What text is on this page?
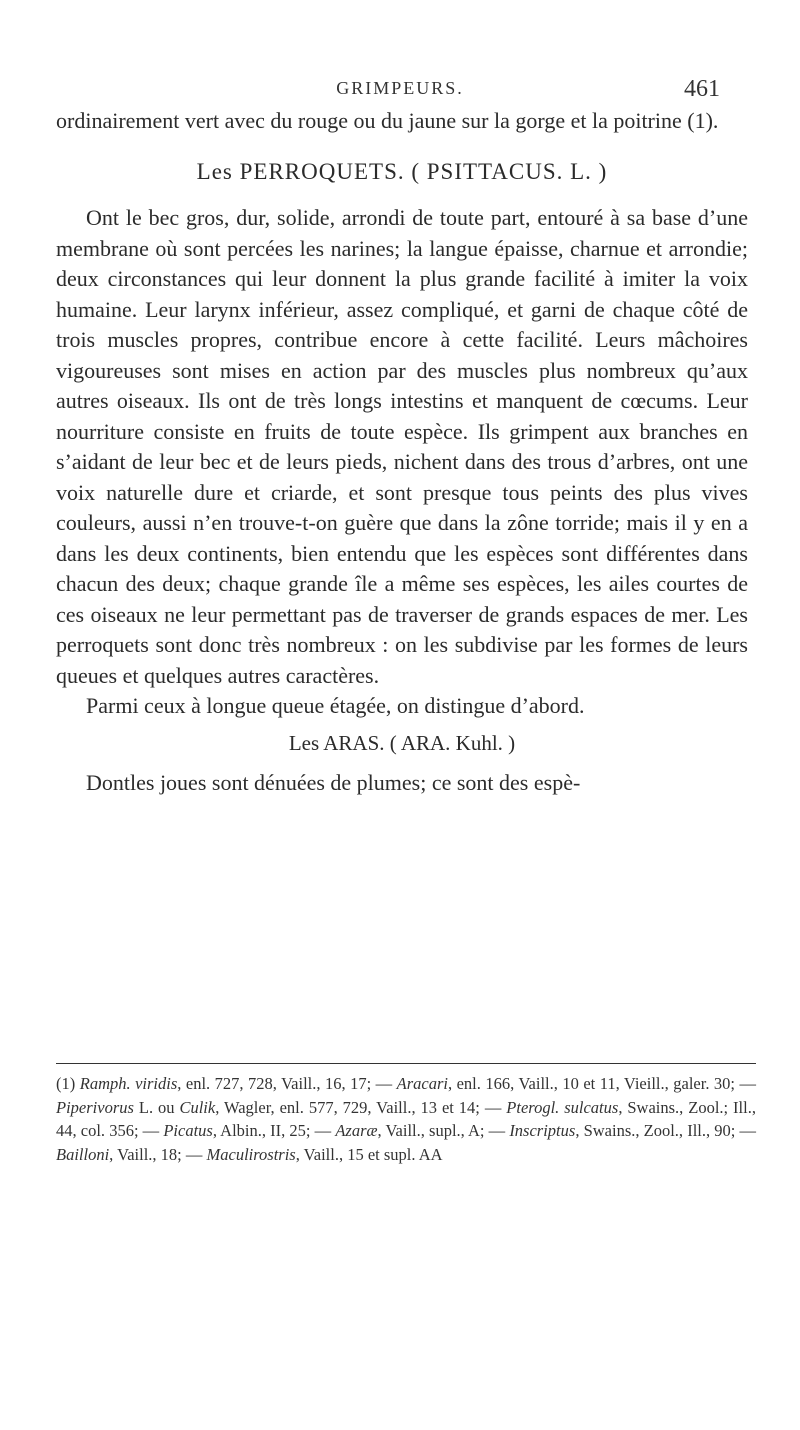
GRIMPEURS.	461

ordinairement vert avec du rouge ou du jaune sur la gorge et la poitrine (1).

Les PERROQUETS. ( PSITTACUS. L. )

Ont le bec gros, dur, solide, arrondi de toute part, entouré à sa base d’une membrane où sont percées les narines; la langue épaisse, charnue et arrondie; deux circonstances qui leur donnent la plus grande facilité à imiter la voix humaine. Leur larynx inférieur, assez compliqué, et garni de chaque côté de trois muscles propres, contribue encore à cette facilité. Leurs mâchoires vigoureuses sont mises en action par des muscles plus nombreux qu’aux autres oiseaux. Ils ont de très longs intestins et manquent de cœcums. Leur nourriture consiste en fruits de toute espèce. Ils grimpent aux branches en s’aidant de leur bec et de leurs pieds, nichent dans des trous d’arbres, ont une voix naturelle dure et criarde, et sont presque tous peints des plus vives couleurs, aussi n’en trouve-t-on guère que dans la zône torride; mais il y en a dans les deux continents, bien entendu que les espèces sont différentes dans chacun des deux; chaque grande île a même ses espèces, les ailes courtes de ces oiseaux ne leur permettant pas de traverser de grands espaces de mer. Les perroquets sont donc très nombreux : on les subdivise par les formes de leurs queues et quelques autres caractères.

Parmi ceux à longue queue étagée, on distingue d’abord.

Les ARAS. ( ARA. Kuhl. )

Dontles joues sont dénuées de plumes; ce sont des espè-

(1) Ramph. viridis, enl. 727, 728, Vaill., 16, 17; — Aracari, enl. 166, Vaill., 10 et 11, Vieill., galer. 30; — Piperivorus L. ou Culik, Wagler, enl. 577, 729, Vaill., 13 et 14; — Pterogl. sulcatus, Swains., Zool.; Ill., 44, col. 356; — Picatus, Albin., II, 25; — Azaræ, Vaill., supl., A; — Inscriptus, Swains., Zool., Ill., 90; — Bailloni, Vaill., 18; — Maculirostris, Vaill., 15 et supl. AA
